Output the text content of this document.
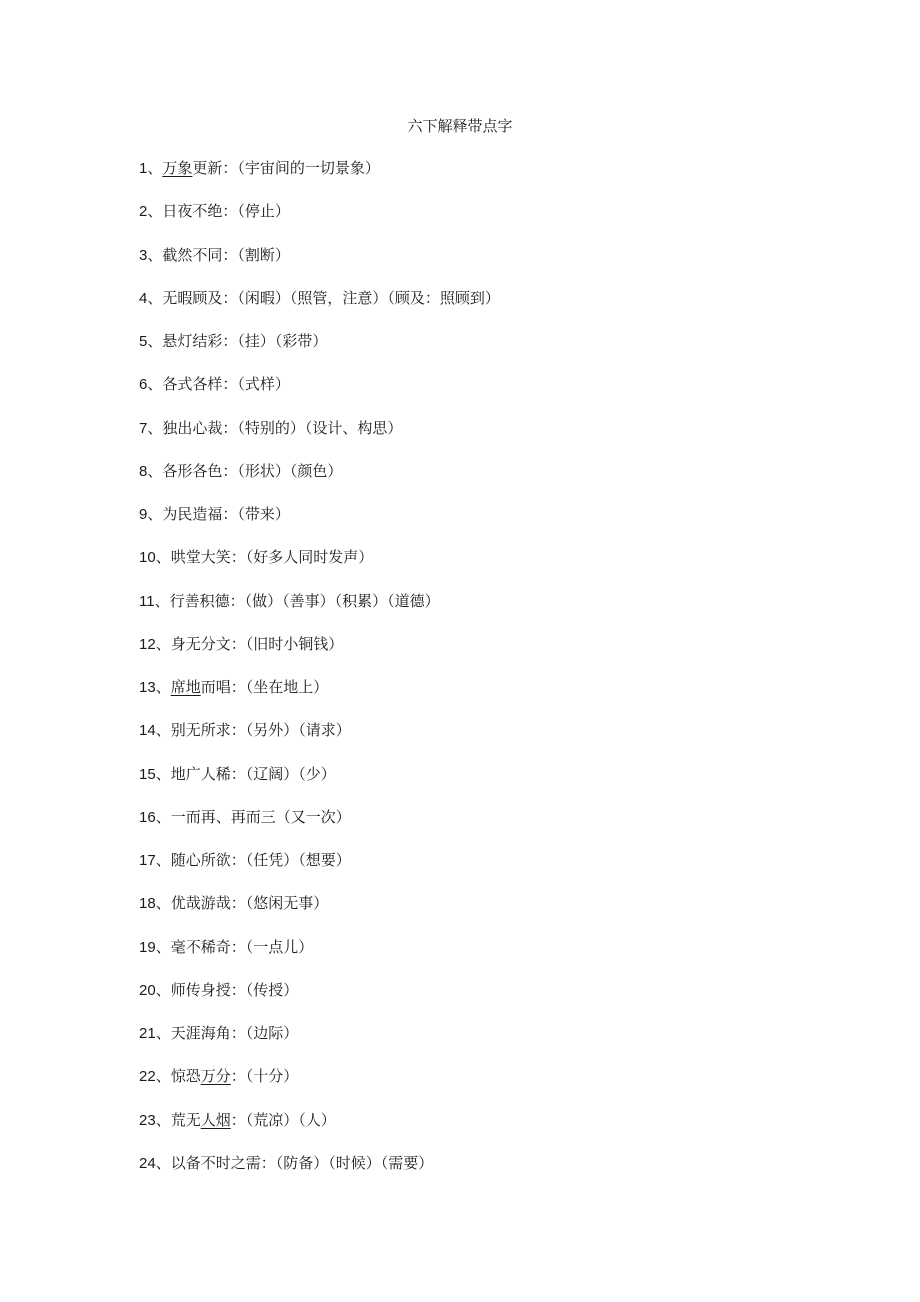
六下解释带点字
1、万象更新：（宇宙间的一切景象）
2、日夜不绝：（停止）
3、截然不同：（割断）
4、无暇顾及：（闲暇）（照管，注意）（顾及：照顾到）
5、悬灯结彩：（挂）（彩带）
6、各式各样：（式样）
7、独出心裁：（特别的）（设计、构思）
8、各形各色：（形状）（颜色）
9、为民造福：（带来）
10、哄堂大笑：（好多人同时发声）
11、行善积德：（做）（善事）（积累）（道德）
12、身无分文：（旧时小铜钱）
13、席地而唱：（坐在地上）
14、别无所求：（另外）（请求）
15、地广人稀：（辽阔）（少）
16、一而再、再而三（又一次）
17、随心所欲：（任凭）（想要）
18、优哉游哉：（悠闲无事）
19、毫不稀奇：（一点儿）
20、师传身授：（传授）
21、天涯海角：（边际）
22、惊恐万分：（十分）
23、荒无人烟：（荒凉）（人）
24、以备不时之需：（防备）（时候）（需要）
